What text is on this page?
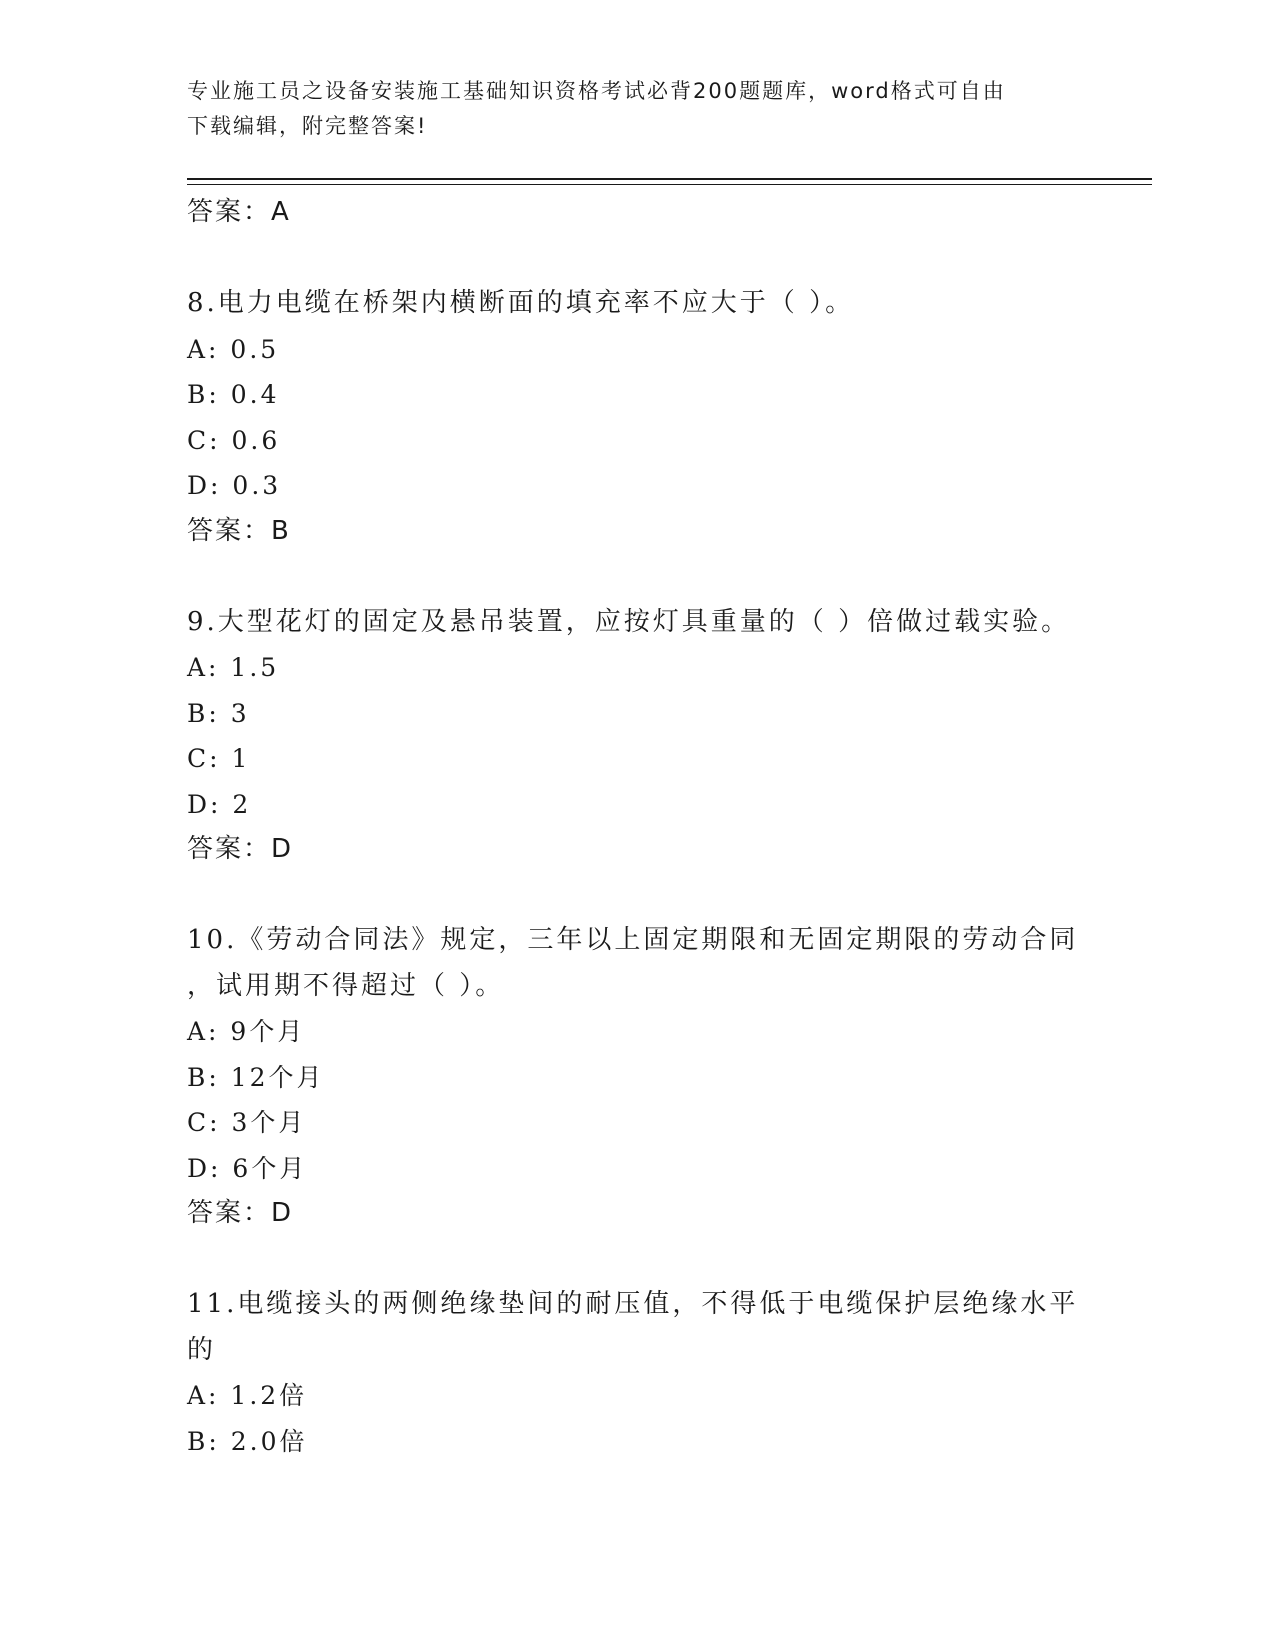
专业施工员之设备安装施工基础知识资格考试必背200题题库，word格式可自由
下载编辑，附完整答案!
答案：A
8.电力电缆在桥架内横断面的填充率不应大于（ ）。
A: 0.5
B: 0.4
C: 0.6
D: 0.3
答案：B
9.大型花灯的固定及悬吊装置，应按灯具重量的（ ）倍做过载实验。
A: 1.5
B: 3
C: 1
D: 2
答案：D
10.《劳动合同法》规定，三年以上固定期限和无固定期限的劳动合同
，试用期不得超过（ ）。
A: 9个月
B: 12个月
C: 3个月
D: 6个月
答案：D
11.电缆接头的两侧绝缘垫间的耐压值，不得低于电缆保护层绝缘水平
的
A: 1.2倍
B: 2.0倍
